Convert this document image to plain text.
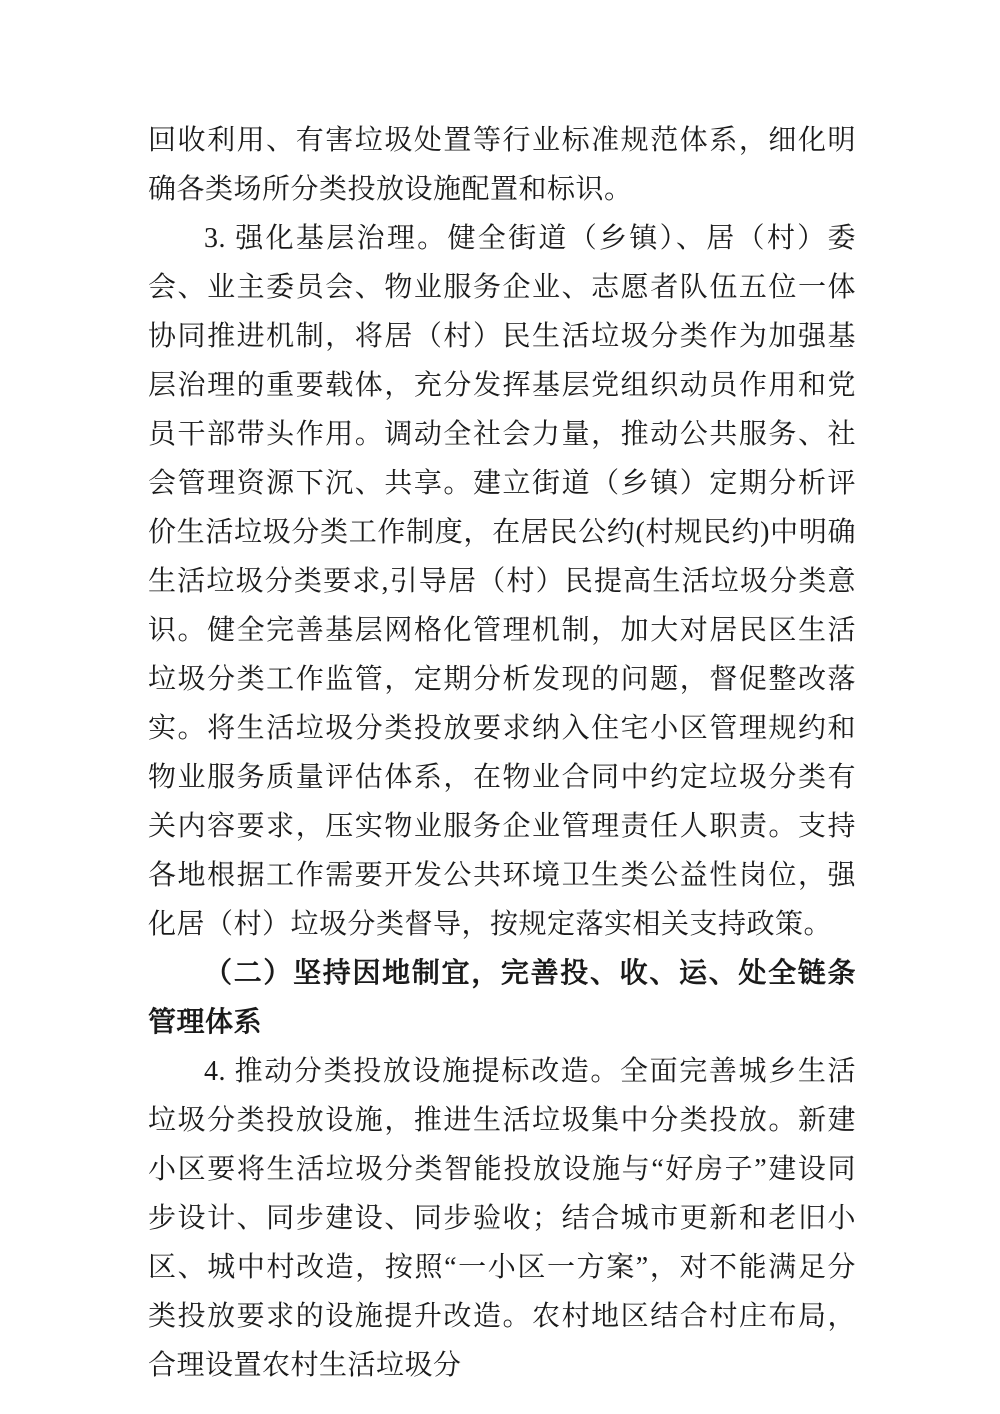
回收利用、有害垃圾处置等行业标准规范体系，细化明确各类场所分类投放设施配置和标识。

3. 强化基层治理。健全街道（乡镇）、居（村）委会、业主委员会、物业服务企业、志愿者队伍五位一体协同推进机制，将居（村）民生活垃圾分类作为加强基层治理的重要载体，充分发挥基层党组织动员作用和党员干部带头作用。调动全社会力量，推动公共服务、社会管理资源下沉、共享。建立街道（乡镇）定期分析评价生活垃圾分类工作制度，在居民公约(村规民约)中明确生活垃圾分类要求,引导居（村）民提高生活垃圾分类意识。健全完善基层网格化管理机制，加大对居民区生活垃圾分类工作监管，定期分析发现的问题，督促整改落实。将生活垃圾分类投放要求纳入住宅小区管理规约和物业服务质量评估体系，在物业合同中约定垃圾分类有关内容要求，压实物业服务企业管理责任人职责。支持各地根据工作需要开发公共环境卫生类公益性岗位，强化居（村）垃圾分类督导，按规定落实相关支持政策。

（二）坚持因地制宜，完善投、收、运、处全链条管理体系

4. 推动分类投放设施提标改造。全面完善城乡生活垃圾分类投放设施，推进生活垃圾集中分类投放。新建小区要将生活垃圾分类智能投放设施与“好房子”建设同步设计、同步建设、同步验收；结合城市更新和老旧小区、城中村改造，按照“一小区一方案”，对不能满足分类投放要求的设施提升改造。农村地区结合村庄布局，合理设置农村生活垃圾分
